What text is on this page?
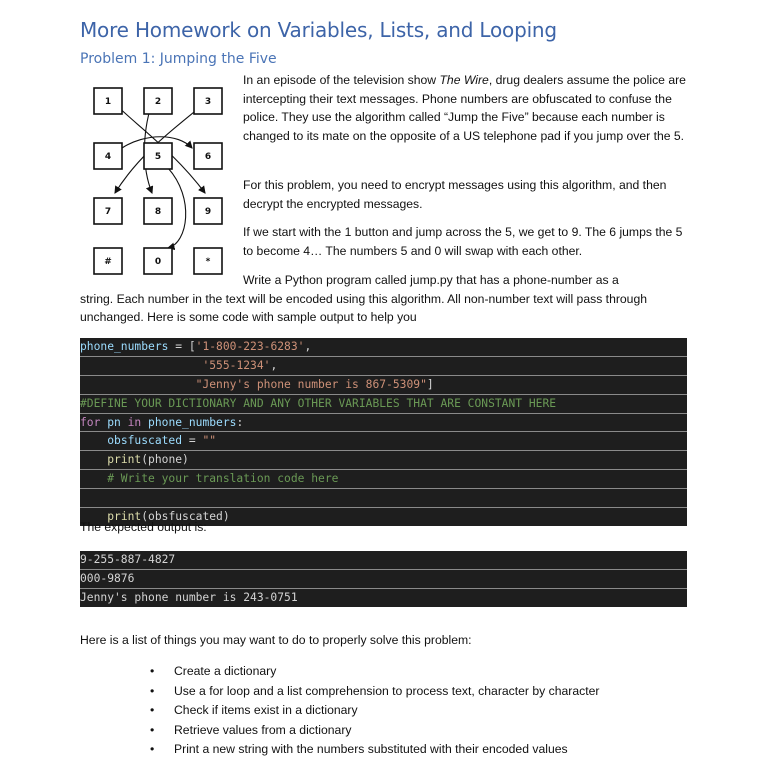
More Homework on Variables, Lists, and Looping
Problem 1: Jumping the Five
1	2	3
4	5	6
7	8	9
#	0	*

In an episode of the television show The Wire, drug dealers assume the police are intercepting their text messages. Phone numbers are obfuscated to confuse the police. They use the algorithm called “Jump the Five” because each number is changed to its mate on the opposite of a US telephone pad if you jump over the 5.

For this problem, you need to encrypt messages using this algorithm, and then decrypt the encrypted messages.

If we start with the 1 button and jump across the 5, we get to 9. The 6 jumps the 5 to become 4… The numbers 5 and 0 will swap with each other.

Write a Python program called jump.py that has a phone-number as a
string. Each number in the text will be encoded using this algorithm. All non-number text will pass through unchanged. Here is some code with sample output to help you

phone_numbers = ['1-800-223-6283',
'555-1234',
"Jenny's phone number is 867-5309"]
#DEFINE YOUR DICTIONARY AND ANY OTHER VARIABLES THAT ARE CONSTANT HERE
for pn in phone_numbers:
obsfuscated = ""
print(phone)
# Write your translation code here

print(obsfuscated)

The expected output is:

9-255-887-4827
000-9876
Jenny's phone number is 243-0751

Here is a list of things you may want to do to properly solve this problem:

• Create a dictionary
• Use a for loop and a list comprehension to process text, character by character
• Check if items exist in a dictionary
• Retrieve values from a dictionary
• Print a new string with the numbers substituted with their encoded values
